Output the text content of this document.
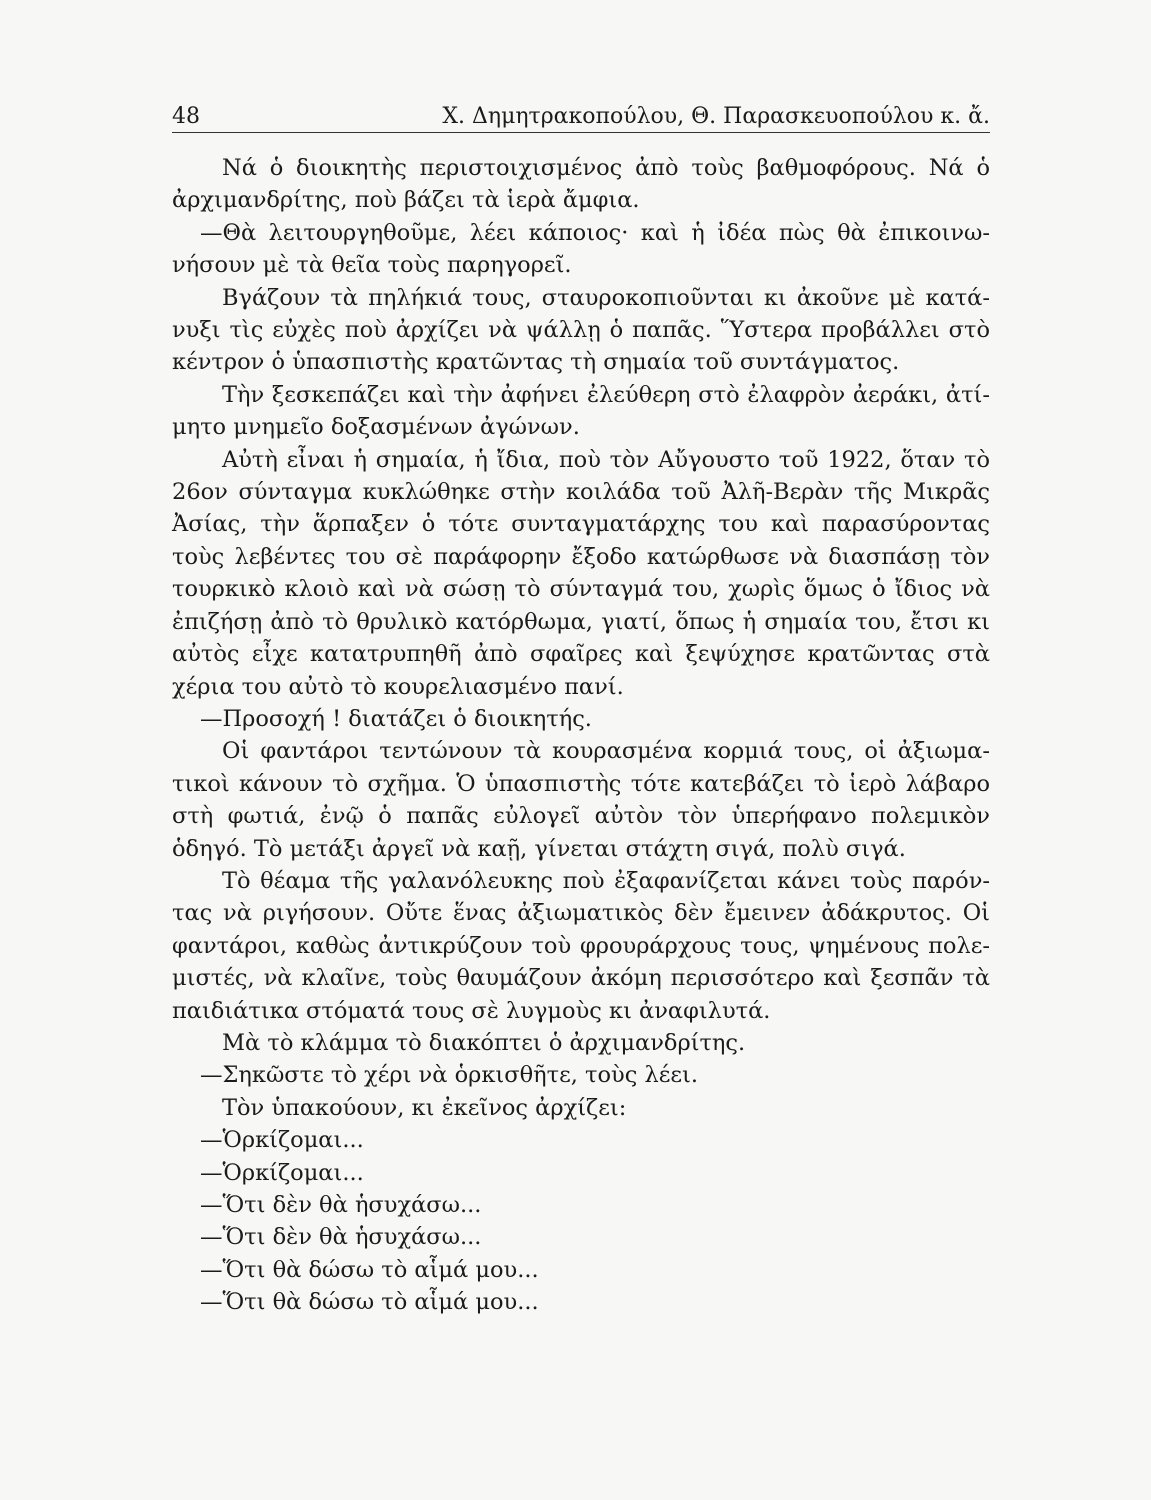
48	Χ. Δημητρακοπούλου, Θ. Παρασκευοπούλου κ. ἄ.

Νά ὁ διοικητὴς περιστοιχισμένος ἀπὸ τοὺς βαθμοφόρους. Νά ὁ ἀρχιμανδρίτης, ποὺ βάζει τὰ ἱερὰ ἄμφια.

—Θὰ λειτουργηθοῦμε, λέει κάποιος· καὶ ἡ ἰδέα πὼς θὰ ἐπικοινωνήσουν μὲ τὰ θεῖα τοὺς παρηγορεῖ.

Βγάζουν τὰ πηλήκιά τους, σταυροκοπιοῦνται κι ἀκοῦνε μὲ κατάνυξι τὶς εὐχὲς ποὺ ἀρχίζει νὰ ψάλλῃ ὁ παπᾶς. Ὕστερα προβάλλει στὸ κέντρον ὁ ὑπασπιστὴς κρατῶντας τὴ σημαία τοῦ συντάγματος.

Τὴν ξεσκεπάζει καὶ τὴν ἀφήνει ἐλεύθερη στὸ ἐλαφρὸν ἀεράκι, ἀτίμητο μνημεῖο δοξασμένων ἀγώνων.

Αὐτὴ εἶναι ἡ σημαία, ἡ ἴδια, ποὺ τὸν Αὔγουστο τοῦ 1922, ὅταν τὸ 26ον σύνταγμα κυκλώθηκε στὴν κοιλάδα τοῦ Ἀλῆ-Βερὰν τῆς Μικρᾶς Ἀσίας, τὴν ἅρπαξεν ὁ τότε συνταγματάρχης του καὶ παρασύροντας τοὺς λεβέντες του σὲ παράφορην ἔξοδο κατώρθωσε νὰ διασπάσῃ τὸν τουρκικὸ κλοιὸ καὶ νὰ σώσῃ τὸ σύνταγμά του, χωρὶς ὅμως ὁ ἴδιος νὰ ἐπιζήσῃ ἀπὸ τὸ θρυλικὸ κατόρθωμα, γιατί, ὅπως ἡ σημαία του, ἔτσι κι αὐτὸς εἶχε κατατρυπηθῆ ἀπὸ σφαῖρες καὶ ξεψύχησε κρατῶντας στὰ χέρια του αὐτὸ τὸ κουρελιασμένο πανί.

—Προσοχή ! διατάζει ὁ διοικητής.

Οἱ φαντάροι τεντώνουν τὰ κουρασμένα κορμιά τους, οἱ ἀξιωματικοὶ κάνουν τὸ σχῆμα. Ὁ ὑπασπιστὴς τότε κατεβάζει τὸ ἱερὸ λάβαρο στὴ φωτιά, ἐνῷ ὁ παπᾶς εὐλογεῖ αὐτὸν τὸν ὑπερήφανο πολεμικὸν ὁδηγό. Τὸ μετάξι ἀργεῖ νὰ καῇ, γίνεται στάχτη σιγά, πολὺ σιγά.

Τὸ θέαμα τῆς γαλανόλευκης ποὺ ἐξαφανίζεται κάνει τοὺς παρόντας νὰ ριγήσουν. Οὔτε ἕνας ἀξιωματικὸς δὲν ἔμεινεν ἀδάκρυτος. Οἱ φαντάροι, καθὼς ἀντικρύζουν τοὺ φρουράρχους τους, ψημένους πολεμιστές, νὰ κλαῖνε, τοὺς θαυμάζουν ἀκόμη περισσότερο καὶ ξεσπᾶν τὰ παιδιάτικα στόματά τους σὲ λυγμοὺς κι ἀναφιλυτά.

Μὰ τὸ κλάμμα τὸ διακόπτει ὁ ἀρχιμανδρίτης.

—Σηκῶστε τὸ χέρι νὰ ὁρκισθῆτε, τοὺς λέει.

Τὸν ὑπακούουν, κι ἐκεῖνος ἀρχίζει:

—Ὁρκίζομαι...

—Ὁρκίζομαι...

—Ὅτι δὲν θὰ ἡσυχάσω...

—Ὅτι δὲν θὰ ἡσυχάσω...

—Ὅτι θὰ δώσω τὸ αἷμά μου...

—Ὅτι θὰ δώσω τὸ αἷμά μου...
